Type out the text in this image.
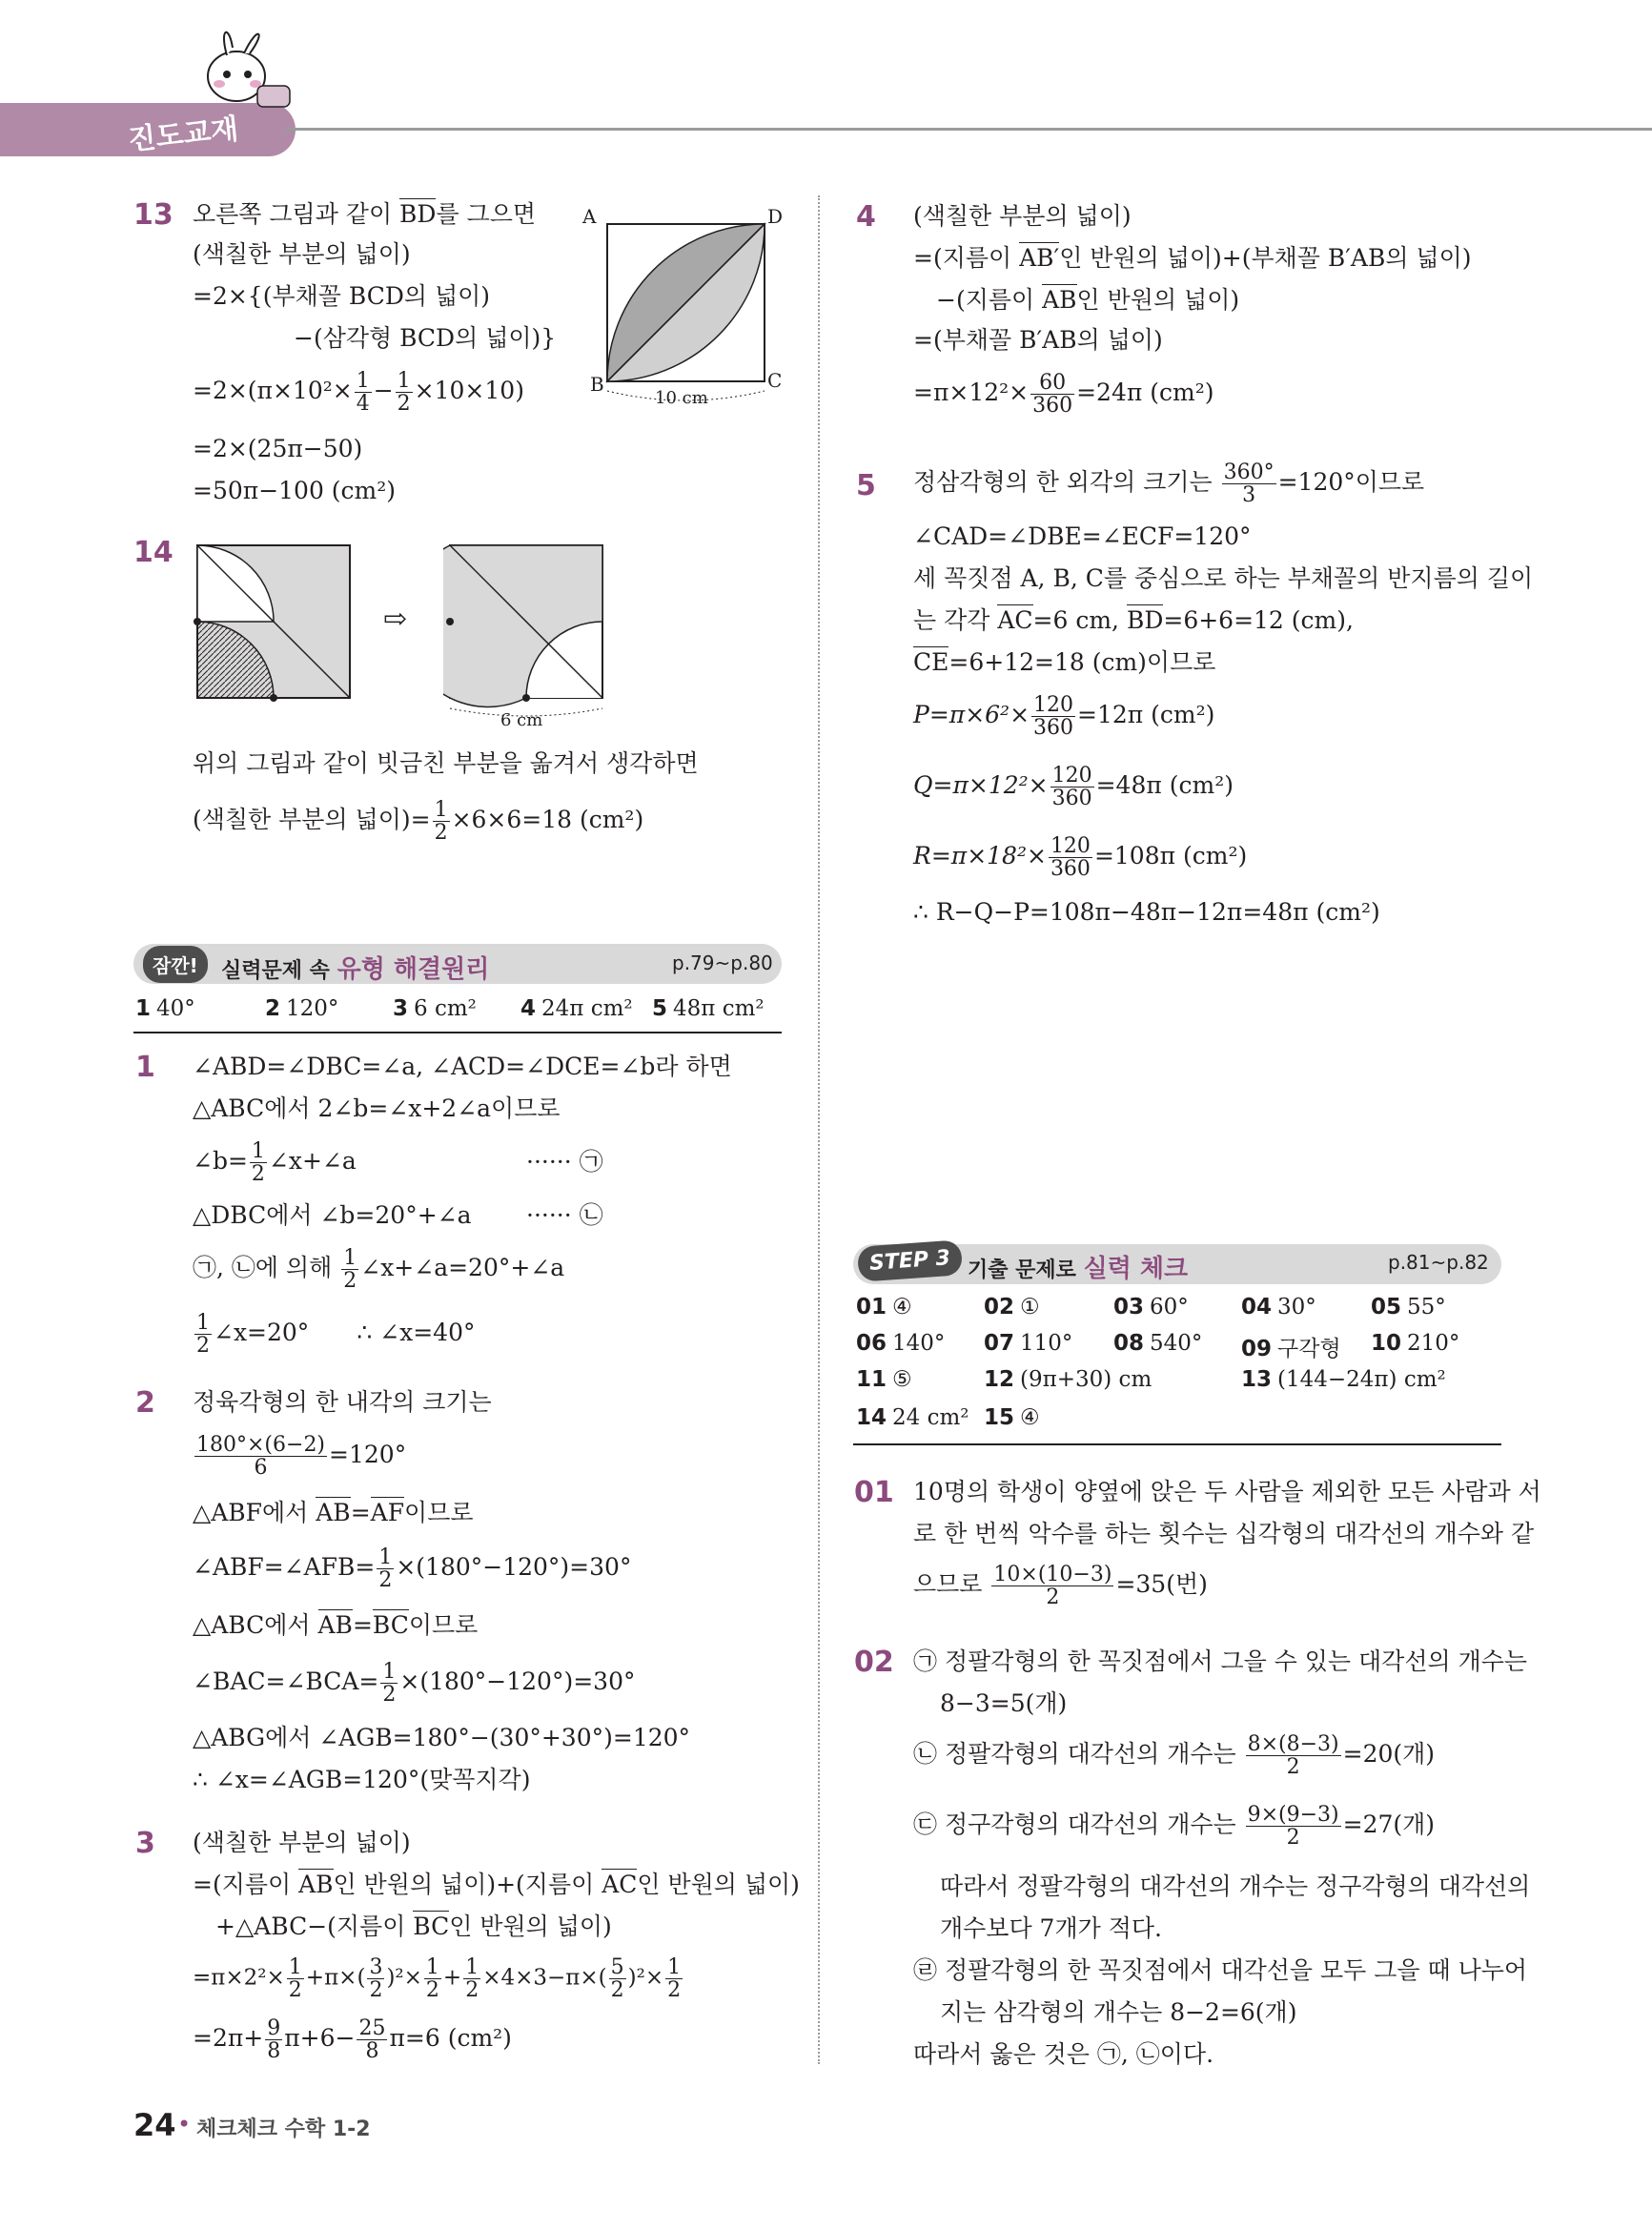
진도교재
13 오른쪽 그림과 같이 BD를 그으면
(색칠한 부분의 넓이)
=2×{(부채꼴 BCD의 넓이)
−(삼각형 BCD의 넓이)}
$=2\times(\pi\times 10^2\times \frac{1}{4} - \frac{1}{2} \times 10\times 10)$
=2×(25π−50)
=50π−100 (cm²)
A	D
B	C
10 cm
14
⇨
6 cm
위의 그림과 같이 빗금친 부분을 옮겨서 생각하면
(색칠한 부분의 넓이)= $\frac{1}{2} \times 6\times 6=18$ (cm²)
잠깐!	실력문제 속 유형 해결원리	p.79~p.80
1 40°	2 120° 3 6 cm² 4 24π cm² 5 48π cm²
1 ∠ABD=∠DBC=∠a, ∠ACD=∠DCE=∠b라 하면
△ABC에서 2∠b=∠x+2∠a이므로
∠b= $\frac{1}{2}$ ∠x+∠a	······ ㉠
△DBC에서 ∠b=20°+∠a ······ ㉡
㉠, ㉡에 의해 $\frac{1}{2}$ ∠x+∠a=20°+∠a
$\frac{1}{2}$ ∠x=20° ∴ ∠x=40°
2 정육각형의 한 내각의 크기는
$\frac{180^\circ\times(6-2)}{6} =120^\circ$
△ABF에서 AB=AF이므로
∠ABF=∠AFB= $\frac{1}{2} \times(180^\circ-120^\circ)=30^\circ$
△ABC에서 AB=BC이므로
∠BAC=∠BCA= $\frac{1}{2} \times(180^\circ-120^\circ)=30^\circ$
△ABG에서 ∠AGB=180°−(30°+30°)=120°
∴ ∠x=∠AGB=120°(맞꼭지각)
3 (색칠한 부분의 넓이)
=(지름이 AB인 반원의 넓이)+(지름이 AC인 반원의 넓이)
+△ABC−(지름이 BC인 반원의 넓이)
$=\pi\times 2^2\times \frac{1}{2} +\pi\times( \frac{3}{2} )^2\times \frac{1}{2} + \frac{1}{2} \times 4\times 3-\pi\times( \frac{5}{2} )^2\times \frac{1}{2}$
$=2\pi+ \frac{9}{8} \pi+6- \frac{25}{8} \pi=6$ (cm²)
4 (색칠한 부분의 넓이)
=(지름이 AB′인 반원의 넓이)+(부채꼴 B′AB의 넓이)
−(지름이 AB인 반원의 넓이)
=(부채꼴 B′AB의 넓이)
$=\pi\times 12^2\times \frac{60}{360} =24\pi$ (cm²)
5 정삼각형의 한 외각의 크기는 $\frac{360^\circ}{3} =120^\circ$이므로
∠CAD=∠DBE=∠ECF=120°
세 꼭짓점 A, B, C를 중심으로 하는 부채꼴의 반지름의 길이
는 각각 AC=6 cm, BD=6+6=12 (cm),
CE=6+12=18 (cm)이므로
$P=\pi\times 6^2\times \frac{120}{360} =12\pi$ (cm²)
$Q=\pi\times 12^2\times \frac{120}{360} =48\pi$ (cm²)
$R=\pi\times 18^2\times \frac{120}{360} =108\pi$ (cm²)
∴ R−Q−P=108π−48π−12π=48π (cm²)
STEP 3 기출 문제로 실력 체크	p.81~p.82
01 ④	02 ①	03 60° 04 30° 05 55°
06 140° 07 110° 08 540° 09 구각형 10 210°
11 ⑤	12 (9π+30) cm	13 (144−24π) cm²
14 24 cm² 15 ④
01 10명의 학생이 양옆에 앉은 두 사람을 제외한 모든 사람과 서
로 한 번씩 악수를 하는 횟수는 십각형의 대각선의 개수와 같
으므로 $\frac{10\times(10-3)}{2} =35$(번)
02 ㉠ 정팔각형의 한 꼭짓점에서 그을 수 있는 대각선의 개수는
8−3=5(개)
㉡ 정팔각형의 대각선의 개수는 $\frac{8\times(8-3)}{2} =20$(개)
㉢ 정구각형의 대각선의 개수는 $\frac{9\times(9-3)}{2} =27$(개)
따라서 정팔각형의 대각선의 개수는 정구각형의 대각선의
개수보다 7개가 적다.
㉣ 정팔각형의 한 꼭짓점에서 대각선을 모두 그을 때 나누어
지는 삼각형의 개수는 8−2=6(개)
따라서 옳은 것은 ㉠, ㉡이다.
24 • 체크체크 수학 1-2
